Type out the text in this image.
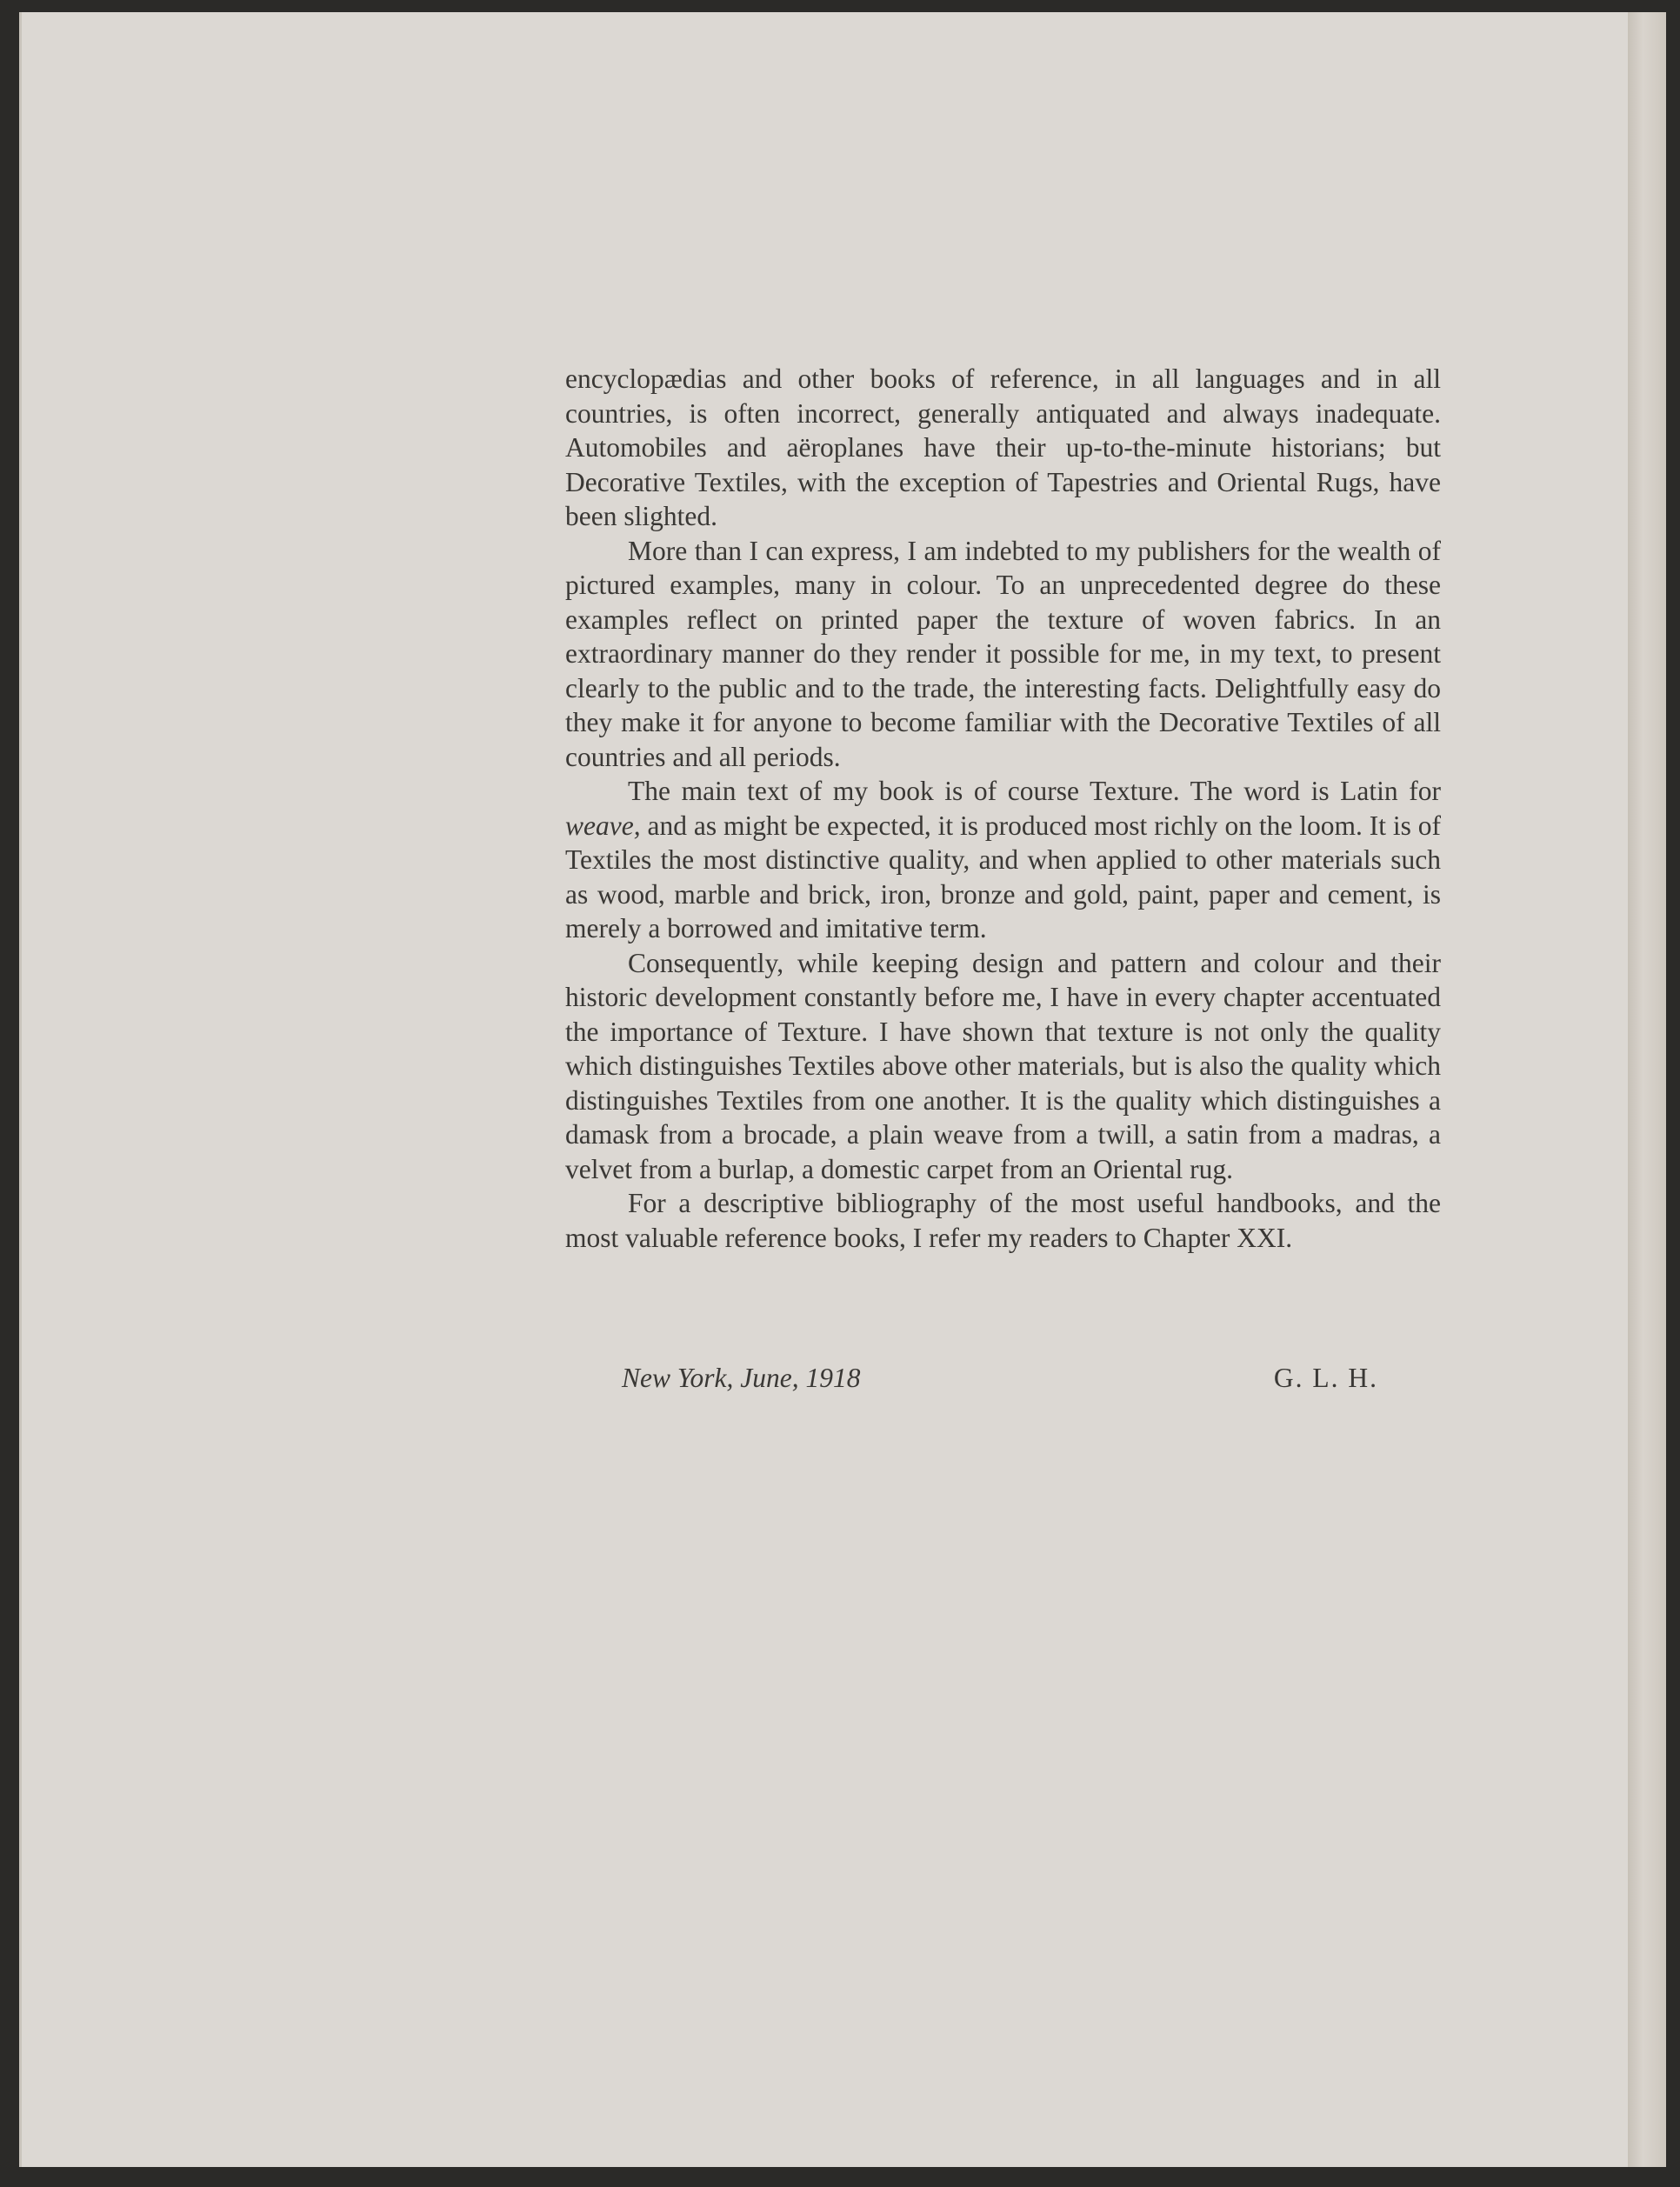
encyclopædias and other books of reference, in all languages and in all countries, is often incorrect, generally antiquated and always inadequate. Automobiles and aëroplanes have their up-to-the-minute historians; but Decorative Textiles, with the exception of Tapestries and Oriental Rugs, have been slighted.

More than I can express, I am indebted to my publishers for the wealth of pictured examples, many in colour. To an unprecedented degree do these examples reflect on printed paper the texture of woven fabrics. In an extraordinary manner do they render it possible for me, in my text, to present clearly to the public and to the trade, the interesting facts. Delightfully easy do they make it for anyone to become familiar with the Decorative Textiles of all countries and all periods.

The main text of my book is of course Texture. The word is Latin for weave, and as might be expected, it is produced most richly on the loom. It is of Textiles the most distinctive quality, and when applied to other materials such as wood, marble and brick, iron, bronze and gold, paint, paper and cement, is merely a borrowed and imitative term.

Consequently, while keeping design and pattern and colour and their historic development constantly before me, I have in every chapter accentuated the importance of Texture. I have shown that texture is not only the quality which distinguishes Textiles above other materials, but is also the quality which distinguishes Textiles from one another. It is the quality which distinguishes a damask from a brocade, a plain weave from a twill, a satin from a madras, a velvet from a burlap, a domestic carpet from an Oriental rug.

For a descriptive bibliography of the most useful handbooks, and the most valuable reference books, I refer my readers to Chapter XXI.

New York, June, 1918	G. L. H.
